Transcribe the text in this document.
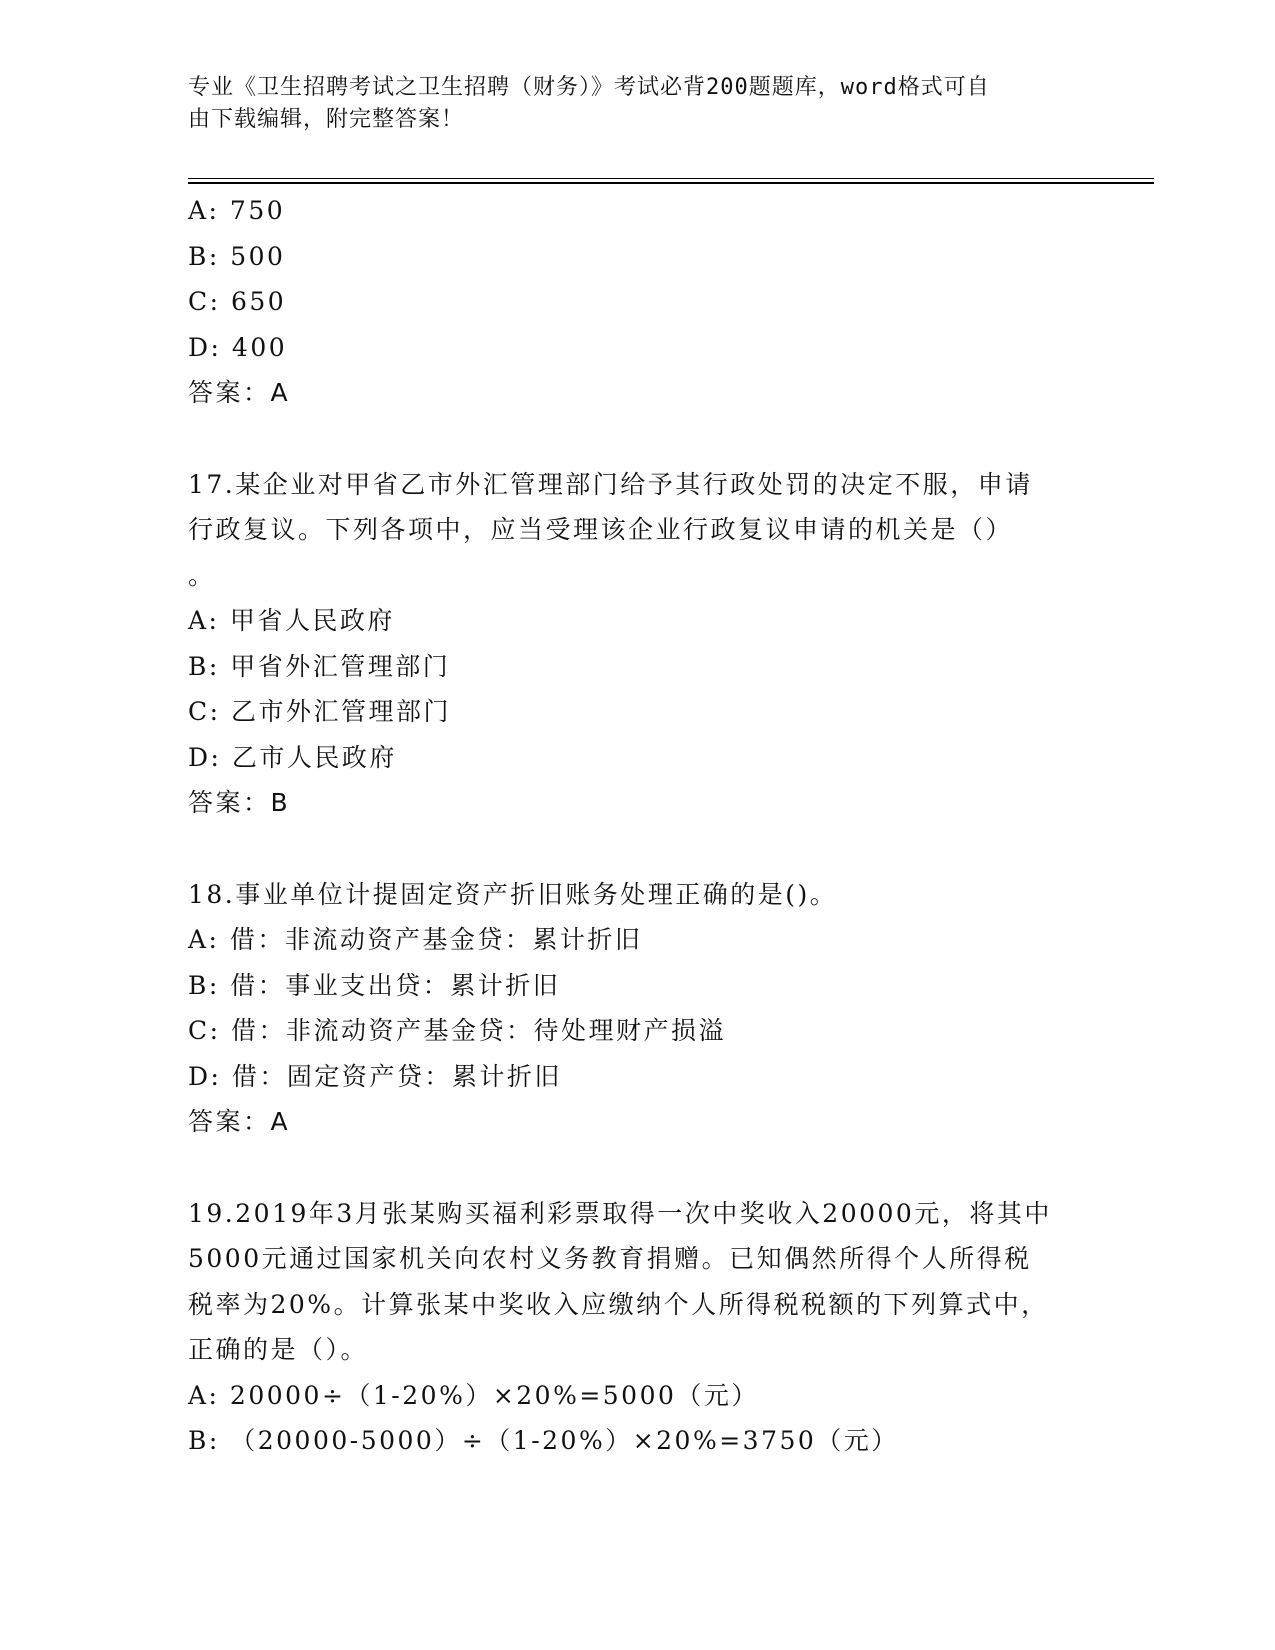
专业《卫生招聘考试之卫生招聘（财务）》考试必背200题题库，word格式可自
由下载编辑，附完整答案！
A: 750
B: 500
C: 650
D: 400
答案：A
17.某企业对甲省乙市外汇管理部门给予其行政处罚的决定不服，申请
行政复议。下列各项中，应当受理该企业行政复议申请的机关是（）
。
A: 甲省人民政府
B: 甲省外汇管理部门
C: 乙市外汇管理部门
D: 乙市人民政府
答案：B
18.事业单位计提固定资产折旧账务处理正确的是()。
A: 借：非流动资产基金贷：累计折旧
B: 借：事业支出贷：累计折旧
C: 借：非流动资产基金贷：待处理财产损溢
D: 借：固定资产贷：累计折旧
答案：A
19.2019年3月张某购买福利彩票取得一次中奖收入20000元，将其中
5000元通过国家机关向农村义务教育捐赠。已知偶然所得个人所得税
税率为20%。计算张某中奖收入应缴纳个人所得税税额的下列算式中，
正确的是（）。
A: 20000÷（1-20%）×20%=5000（元）
B: （20000-5000）÷（1-20%）×20%=3750（元）
